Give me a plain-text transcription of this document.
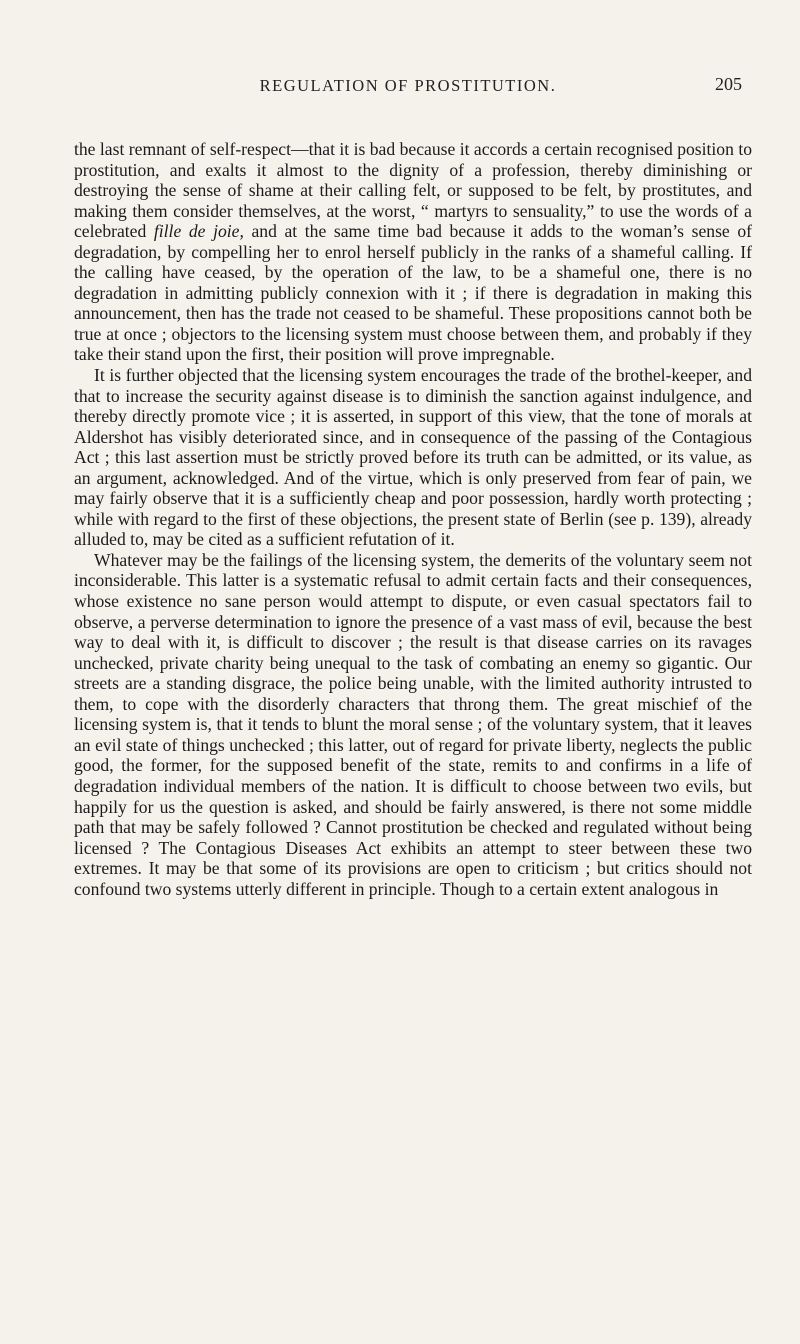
REGULATION OF PROSTITUTION.	205

the last remnant of self-respect—that it is bad because it accords a certain recognised position to prostitution, and exalts it almost to the dignity of a profession, thereby diminishing or destroying the sense of shame at their calling felt, or supposed to be felt, by prostitutes, and making them consider themselves, at the worst, “ martyrs to sensuality,” to use the words of a celebrated fille de joie, and at the same time bad because it adds to the woman’s sense of degradation, by compelling her to enrol herself publicly in the ranks of a shameful calling. If the calling have ceased, by the operation of the law, to be a shameful one, there is no degradation in admitting publicly connexion with it ; if there is degradation in making this announcement, then has the trade not ceased to be shameful. These propositions cannot both be true at once ; objectors to the licensing system must choose between them, and probably if they take their stand upon the first, their position will prove impregnable.

It is further objected that the licensing system encourages the trade of the brothel-keeper, and that to increase the security against disease is to diminish the sanction against indulgence, and thereby directly promote vice ; it is asserted, in support of this view, that the tone of morals at Aldershot has visibly deteriorated since, and in consequence of the passing of the Contagious Act ; this last assertion must be strictly proved before its truth can be admitted, or its value, as an argument, acknowledged. And of the virtue, which is only preserved from fear of pain, we may fairly observe that it is a sufficiently cheap and poor possession, hardly worth protecting ; while with regard to the first of these objections, the present state of Berlin (see p. 139), already alluded to, may be cited as a sufficient refutation of it.

Whatever may be the failings of the licensing system, the demerits of the voluntary seem not inconsiderable. This latter is a systematic refusal to admit certain facts and their consequences, whose existence no sane person would attempt to dispute, or even casual spectators fail to observe, a perverse determination to ignore the presence of a vast mass of evil, because the best way to deal with it, is difficult to discover ; the result is that disease carries on its ravages unchecked, private charity being unequal to the task of combating an enemy so gigantic. Our streets are a standing disgrace, the police being unable, with the limited authority intrusted to them, to cope with the disorderly characters that throng them. The great mischief of the licensing system is, that it tends to blunt the moral sense ; of the voluntary system, that it leaves an evil state of things unchecked ; this latter, out of regard for private liberty, neglects the public good, the former, for the supposed benefit of the state, remits to and confirms in a life of degradation individual members of the nation. It is difficult to choose between two evils, but happily for us the question is asked, and should be fairly answered, is there not some middle path that may be safely followed ? Cannot prostitution be checked and regulated without being licensed ? The Contagious Diseases Act exhibits an attempt to steer between these two extremes. It may be that some of its provisions are open to criticism ; but critics should not confound two systems utterly different in principle. Though to a certain extent analogous in
